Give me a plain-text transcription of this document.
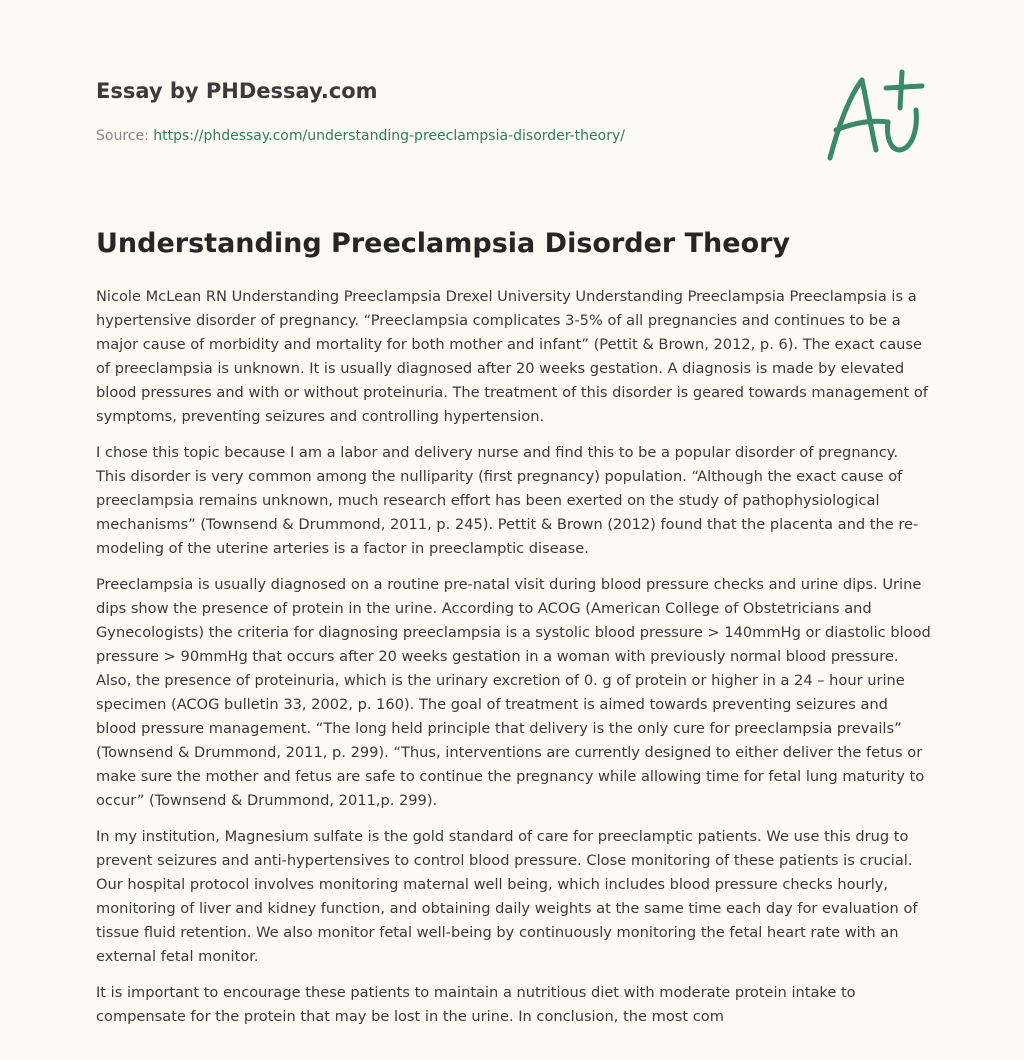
Essay by PHDessay.com
Source: https://phdessay.com/understanding-preeclampsia-disorder-theory/
Understanding Preeclampsia Disorder Theory

Nicole McLean RN Understanding Preeclampsia Drexel University Understanding Preeclampsia Preeclampsia is a hypertensive disorder of pregnancy. “Preeclampsia complicates 3-5% of all pregnancies and continues to be a major cause of morbidity and mortality for both mother and infant” (Pettit & Brown, 2012, p. 6). The exact cause of preeclampsia is unknown. It is usually diagnosed after 20 weeks gestation. A diagnosis is made by elevated blood pressures and with or without proteinuria. The treatment of this disorder is geared towards management of symptoms, preventing seizures and controlling hypertension.

I chose this topic because I am a labor and delivery nurse and find this to be a popular disorder of pregnancy. This disorder is very common among the nulliparity (first pregnancy) population. “Although the exact cause of preeclampsia remains unknown, much research effort has been exerted on the study of pathophysiological mechanisms” (Townsend & Drummond, 2011, p. 245). Pettit & Brown (2012) found that the placenta and the re-modeling of the uterine arteries is a factor in preeclamptic disease.

Preeclampsia is usually diagnosed on a routine pre-natal visit during blood pressure checks and urine dips. Urine dips show the presence of protein in the urine. According to ACOG (American College of Obstetricians and Gynecologists) the criteria for diagnosing preeclampsia is a systolic blood pressure > 140mmHg or diastolic blood pressure > 90mmHg that occurs after 20 weeks gestation in a woman with previously normal blood pressure. Also, the presence of proteinuria, which is the urinary excretion of 0. g of protein or higher in a 24 – hour urine specimen (ACOG bulletin 33, 2002, p. 160). The goal of treatment is aimed towards preventing seizures and blood pressure management. “The long held principle that delivery is the only cure for preeclampsia prevails” (Townsend & Drummond, 2011, p. 299). “Thus, interventions are currently designed to either deliver the fetus or make sure the mother and fetus are safe to continue the pregnancy while allowing time for fetal lung maturity to occur” (Townsend & Drummond, 2011,p. 299).

In my institution, Magnesium sulfate is the gold standard of care for preeclamptic patients. We use this drug to prevent seizures and anti-hypertensives to control blood pressure. Close monitoring of these patients is crucial. Our hospital protocol involves monitoring maternal well being, which includes blood pressure checks hourly, monitoring of liver and kidney function, and obtaining daily weights at the same time each day for evaluation of tissue fluid retention. We also monitor fetal well-being by continuously monitoring the fetal heart rate with an external fetal monitor.

It is important to encourage these patients to maintain a nutritious diet with moderate protein intake to compensate for the protein that may be lost in the urine. In conclusion, the most com
